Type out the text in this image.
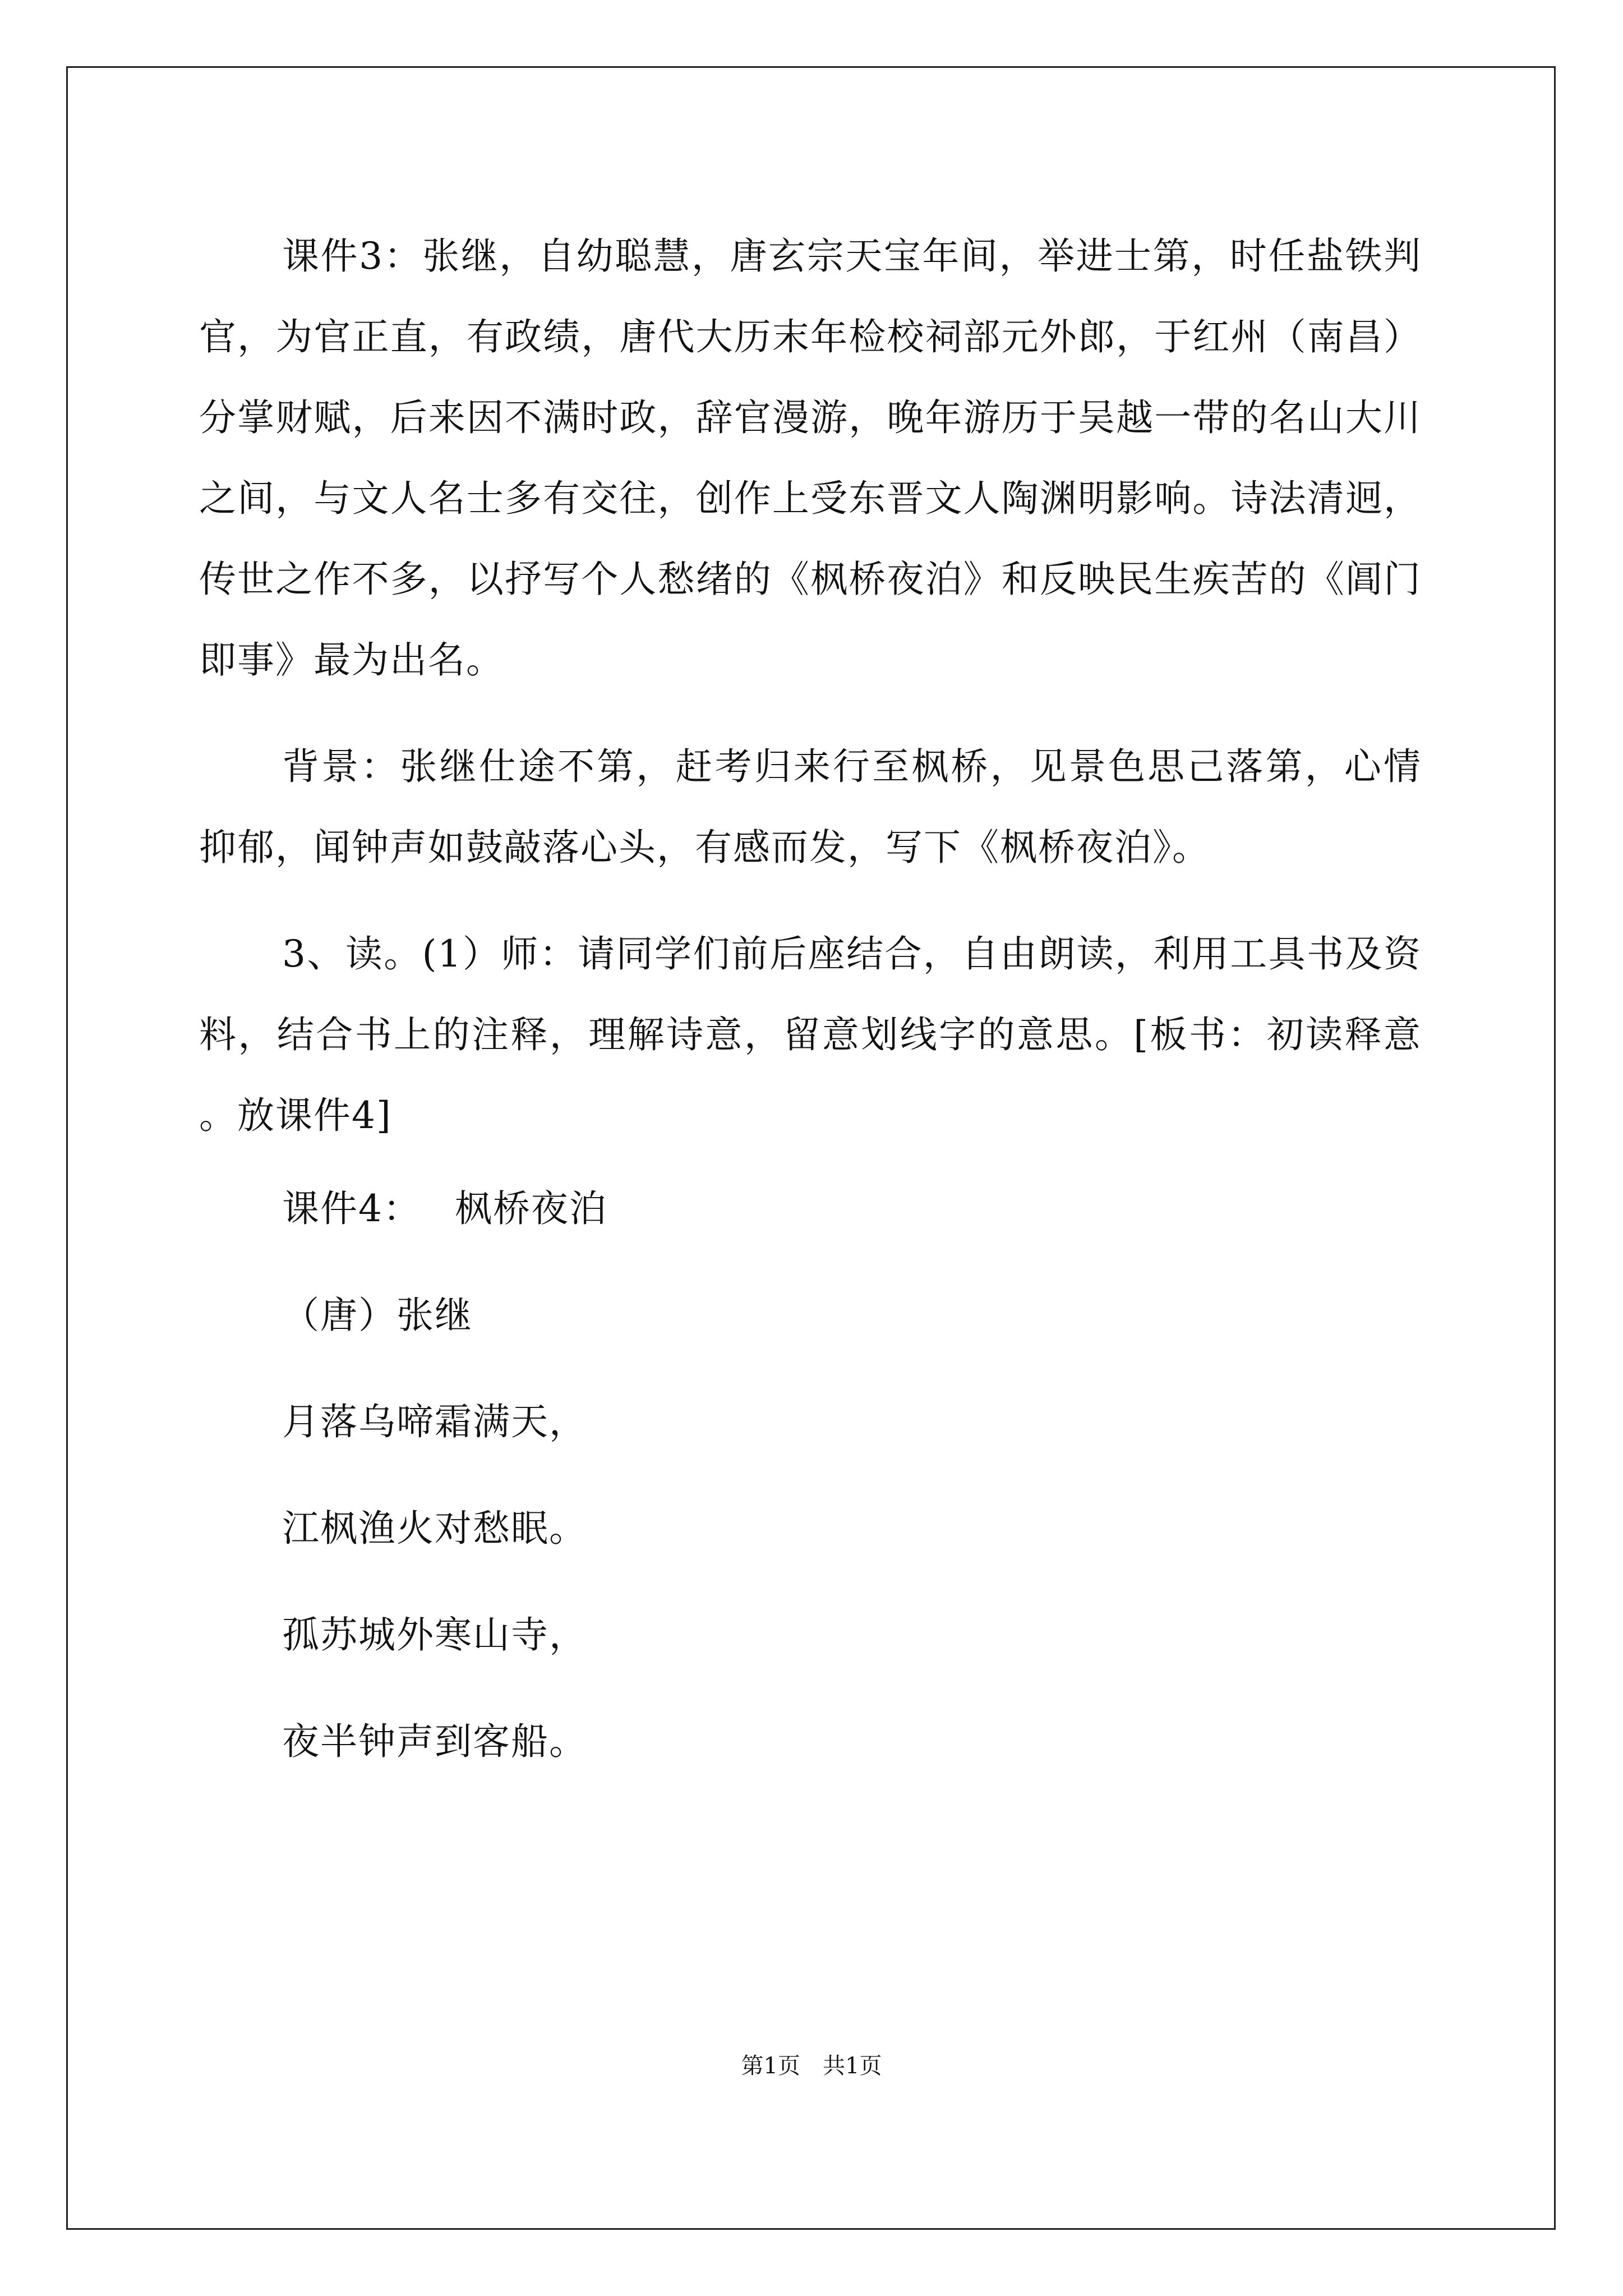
课件3：张继，自幼聪慧，唐玄宗天宝年间，举进士第，时任盐铁判官，为官正直，有政绩，唐代大历末年检校祠部元外郎，于红州（南昌）分掌财赋，后来因不满时政，辞官漫游，晚年游历于吴越一带的名山大川之间，与文人名士多有交往，创作上受东晋文人陶渊明影响。诗法清迥，传世之作不多，以抒写个人愁绪的《枫桥夜泊》和反映民生疾苦的《阊门即事》最为出名。

背景：张继仕途不第，赶考归来行至枫桥，见景色思己落第，心情抑郁，闻钟声如鼓敲落心头，有感而发，写下《枫桥夜泊》。

3、读。(1）师：请同学们前后座结合，自由朗读，利用工具书及资料，结合书上的注释，理解诗意，留意划线字的意思。[板书：初读释意 。放课件4]

课件4： 枫桥夜泊
（唐）张继
月落乌啼霜满天，
江枫渔火对愁眠。
孤苏城外寒山寺，
夜半钟声到客船。
第1页 共1页
